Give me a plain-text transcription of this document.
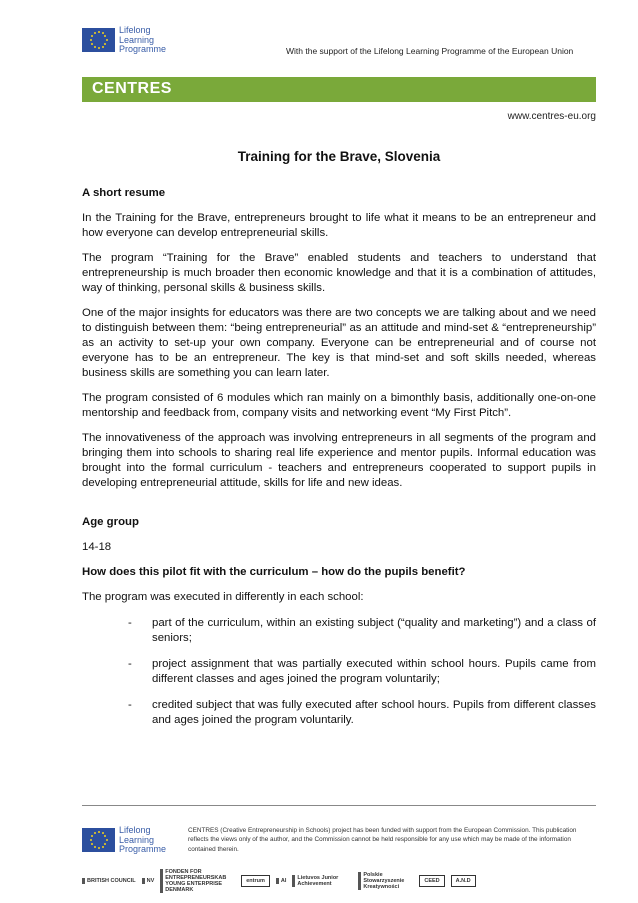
Lifelong
Learning
Programme	With the support of the Lifelong Learning Programme of the European Union
CENTRES
www.centres-eu.org
Training for the Brave, Slovenia

A short resume

In the Training for the Brave, entrepreneurs brought to life what it means to be an entrepreneur and how everyone can develop entrepreneurial skills.

The program “Training for the Brave” enabled students and teachers to understand that entrepreneurship is much broader then economic knowledge and that it is a combination of attitudes, way of thinking, personal skills & business skills.

One of the major insights for educators was there are two concepts we are talking about and we need to distinguish between them: “being entrepreneurial” as an attitude and mind-set & “entrepreneurship” as an activity to set-up your own company. Everyone can be entrepreneurial and of course not everyone has to be an entrepreneur. The key is that mind-set and soft skills needed, whereas business skills are something you can learn later.

The program consisted of 6 modules which ran mainly on a bimonthly basis, additionally one-on-one mentorship and feedback from, company visits and networking event “My First Pitch”.

The innovativeness of the approach was involving entrepreneurs in all segments of the program and bringing them into schools to sharing real life experience and mentor pupils. Informal education was brought into the formal curriculum - teachers and entrepreneurs cooperated to support pupils in developing entrepreneurial attitude, skills for life and new ideas.

Age group

14-18

How does this pilot fit with the curriculum – how do the pupils benefit?

The program was executed in differently in each school:

- part of the curriculum, within an existing subject (“quality and marketing”) and a class of seniors;
- project assignment that was partially executed within school hours. Pupils came from different classes and ages joined the program voluntarily;
- credited subject that was fully executed after school hours. Pupils from different classes and ages joined the program voluntarily.
Lifelong
Learning
Programme
CENTRES (Creative Entrepreneurship in Schools) project has been funded with support from the European Commission. This publication reflects the views only of the author, and the Commission cannot be held responsible for any use which may be made of the information contained therein.
BRITISH COUNCIL	NV
FONDEN FOR ENTREPRENEURSKAB YOUNG ENTERPRISE DENMARK
entrum	AI	Lietuvos Junior Achievement
Polskie Stowarzyszenie Kreatywności
CEED	A.N.D
